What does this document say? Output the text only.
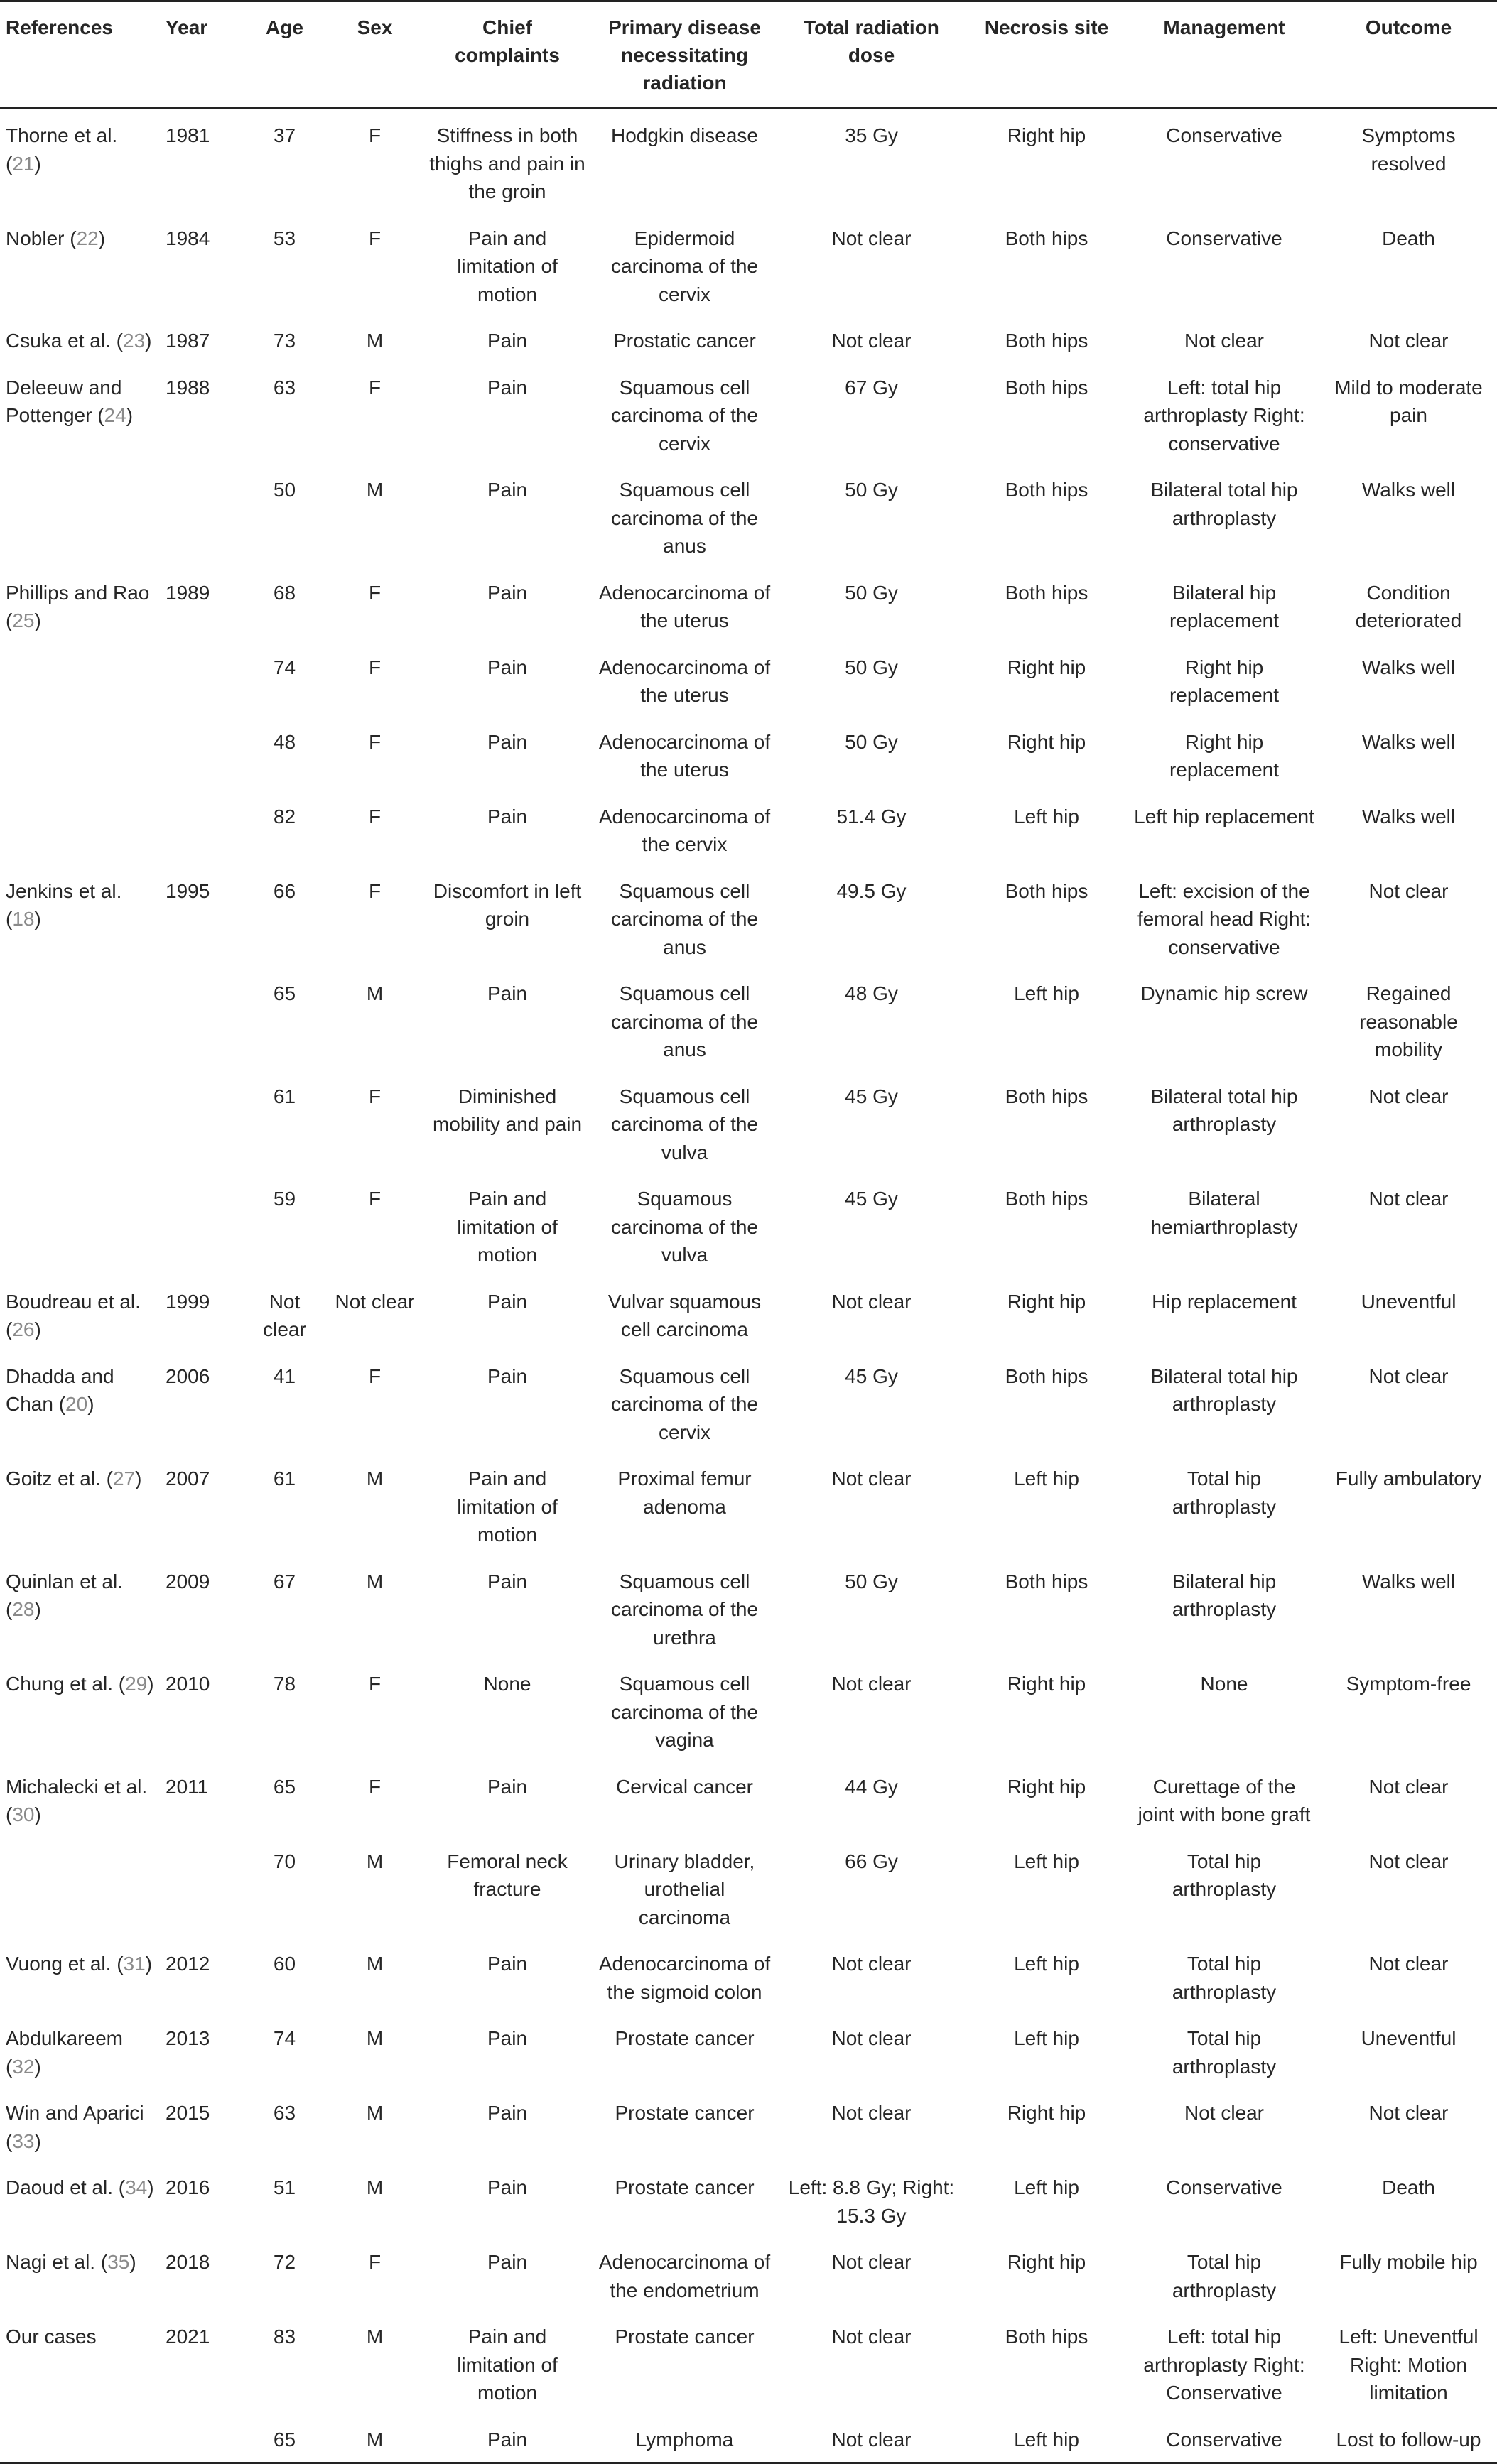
References	Year	Age	Sex	Chief complaints	Primary disease necessitating radiation	Total radiation dose	Necrosis site	Management	Outcome
Thorne et al. (21)	1981	37	F	Stiffness in both thighs and pain in the groin	Hodgkin disease	35 Gy	Right hip	Conservative	Symptoms resolved
Nobler (22)	1984	53	F	Pain and limitation of motion	Epidermoid carcinoma of the cervix	Not clear	Both hips	Conservative	Death
Csuka et al. (23)	1987	73	M	Pain	Prostatic cancer	Not clear	Both hips	Not clear	Not clear
Deleeuw and Pottenger (24)	1988	63	F	Pain	Squamous cell carcinoma of the cervix	67 Gy	Both hips	Left: total hip arthroplasty Right: conservative	Mild to moderate pain
		50	M	Pain	Squamous cell carcinoma of the anus	50 Gy	Both hips	Bilateral total hip arthroplasty	Walks well
Phillips and Rao (25)	1989	68	F	Pain	Adenocarcinoma of the uterus	50 Gy	Both hips	Bilateral hip replacement	Condition deteriorated
		74	F	Pain	Adenocarcinoma of the uterus	50 Gy	Right hip	Right hip replacement	Walks well
		48	F	Pain	Adenocarcinoma of the uterus	50 Gy	Right hip	Right hip replacement	Walks well
		82	F	Pain	Adenocarcinoma of the cervix	51.4 Gy	Left hip	Left hip replacement	Walks well
Jenkins et al. (18)	1995	66	F	Discomfort in left groin	Squamous cell carcinoma of the anus	49.5 Gy	Both hips	Left: excision of the femoral head Right: conservative	Not clear
		65	M	Pain	Squamous cell carcinoma of the anus	48 Gy	Left hip	Dynamic hip screw	Regained reasonable mobility
		61	F	Diminished mobility and pain	Squamous cell carcinoma of the vulva	45 Gy	Both hips	Bilateral total hip arthroplasty	Not clear
		59	F	Pain and limitation of motion	Squamous carcinoma of the vulva	45 Gy	Both hips	Bilateral hemiarthroplasty	Not clear
Boudreau et al. (26)	1999	Not clear	Not clear	Pain	Vulvar squamous cell carcinoma	Not clear	Right hip	Hip replacement	Uneventful
Dhadda and Chan (20)	2006	41	F	Pain	Squamous cell carcinoma of the cervix	45 Gy	Both hips	Bilateral total hip arthroplasty	Not clear
Goitz et al. (27)	2007	61	M	Pain and limitation of motion	Proximal femur adenoma	Not clear	Left hip	Total hip arthroplasty	Fully ambulatory
Quinlan et al. (28)	2009	67	M	Pain	Squamous cell carcinoma of the urethra	50 Gy	Both hips	Bilateral hip arthroplasty	Walks well
Chung et al. (29)	2010	78	F	None	Squamous cell carcinoma of the vagina	Not clear	Right hip	None	Symptom-free
Michalecki et al. (30)	2011	65	F	Pain	Cervical cancer	44 Gy	Right hip	Curettage of the joint with bone graft	Not clear
		70	M	Femoral neck fracture	Urinary bladder, urothelial carcinoma	66 Gy	Left hip	Total hip arthroplasty	Not clear
Vuong et al. (31)	2012	60	M	Pain	Adenocarcinoma of the sigmoid colon	Not clear	Left hip	Total hip arthroplasty	Not clear
Abdulkareem (32)	2013	74	M	Pain	Prostate cancer	Not clear	Left hip	Total hip arthroplasty	Uneventful
Win and Aparici (33)	2015	63	M	Pain	Prostate cancer	Not clear	Right hip	Not clear	Not clear
Daoud et al. (34)	2016	51	M	Pain	Prostate cancer	Left: 8.8 Gy; Right: 15.3 Gy	Left hip	Conservative	Death
Nagi et al. (35)	2018	72	F	Pain	Adenocarcinoma of the endometrium	Not clear	Right hip	Total hip arthroplasty	Fully mobile hip
Our cases	2021	83	M	Pain and limitation of motion	Prostate cancer	Not clear	Both hips	Left: total hip arthroplasty Right: Conservative	Left: Uneventful Right: Motion limitation
		65	M	Pain	Lymphoma	Not clear	Left hip	Conservative	Lost to follow-up
